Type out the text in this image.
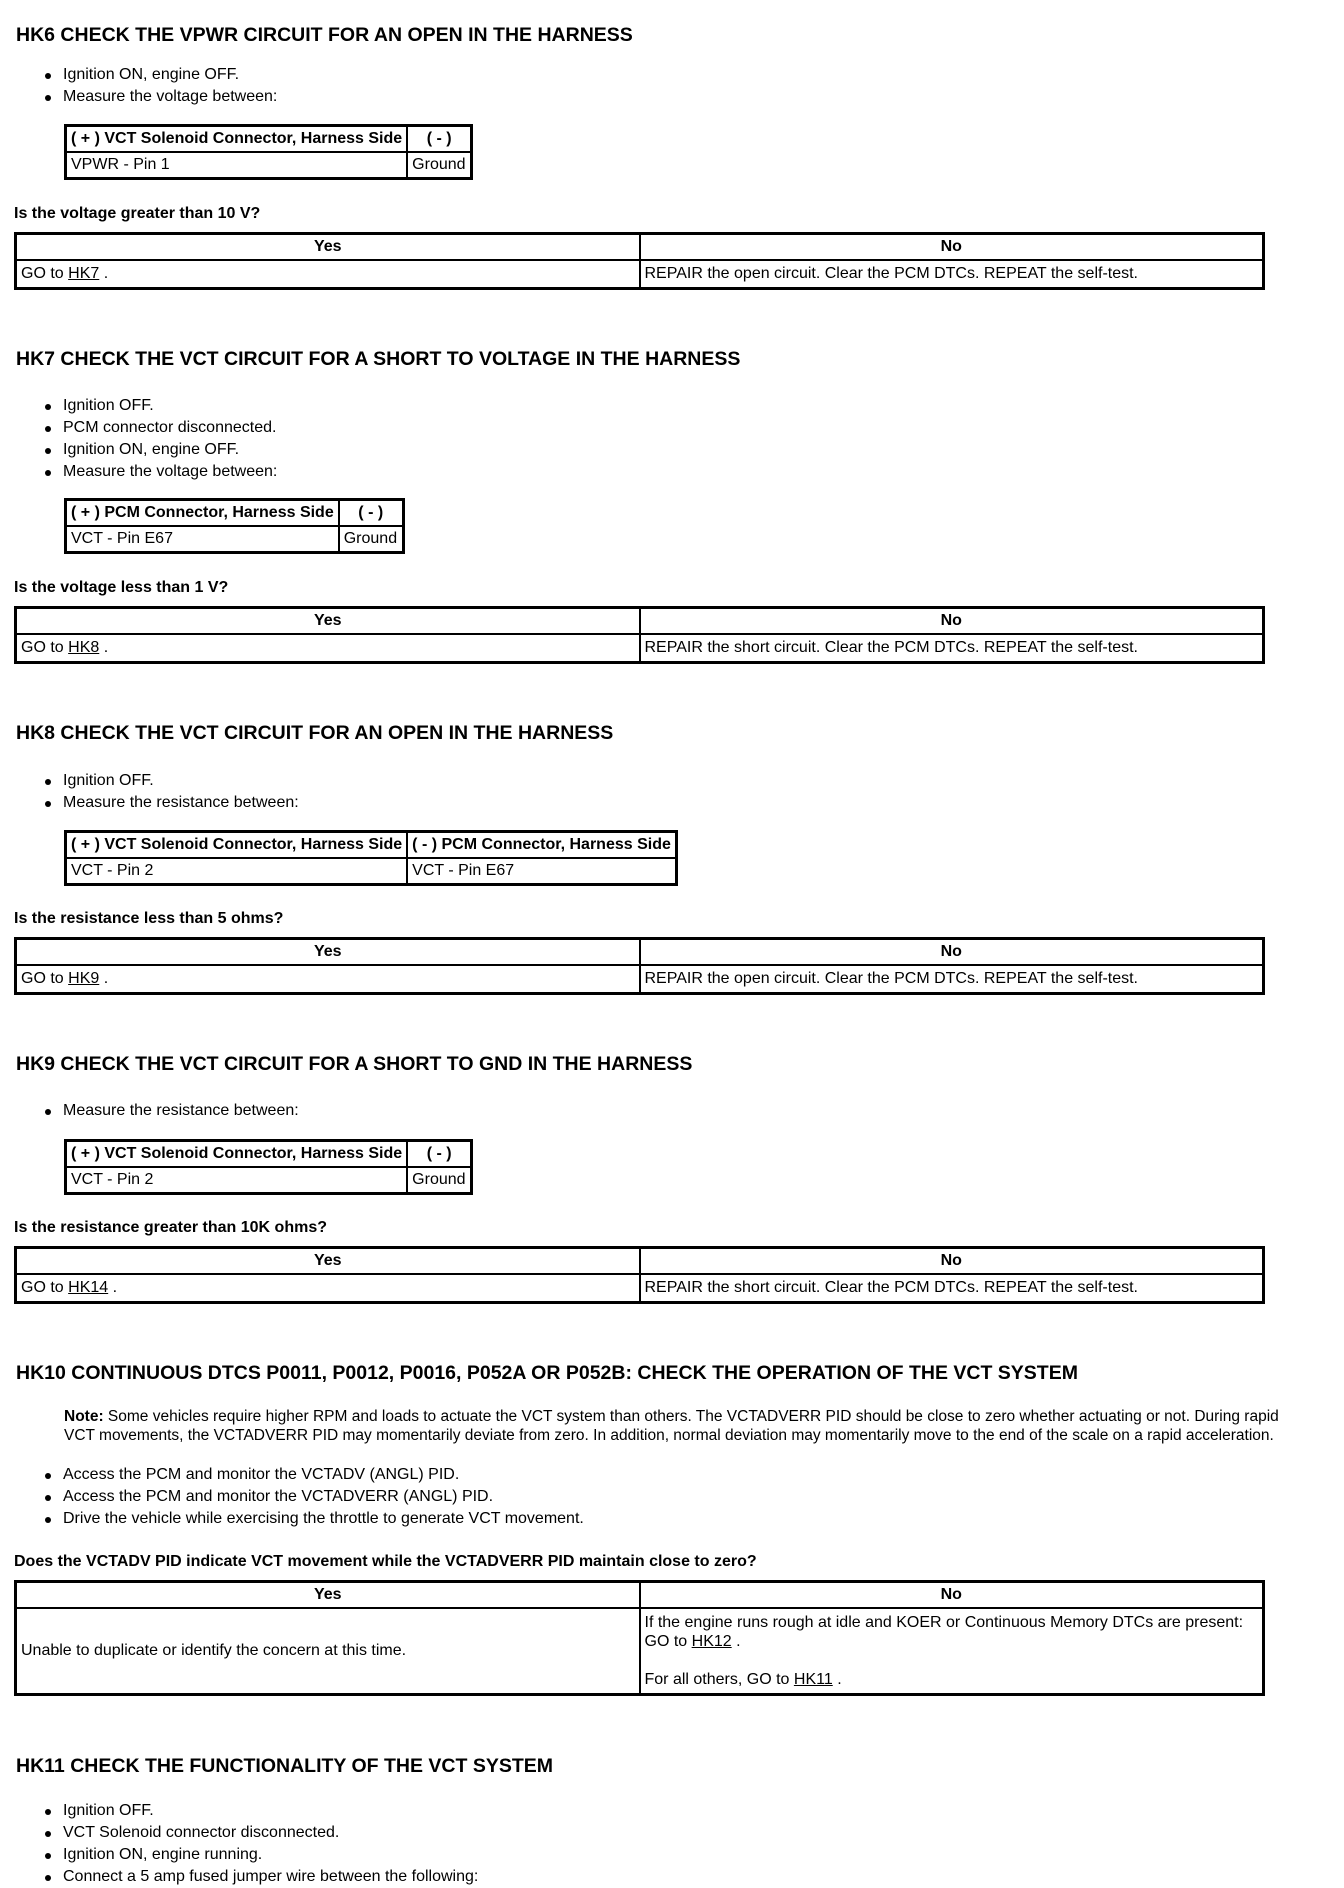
HK6 CHECK THE VPWR CIRCUIT FOR AN OPEN IN THE HARNESS
Ignition ON, engine OFF.
Measure the voltage between:
( + ) VCT Solenoid Connector, Harness Side	( - )
VPWR - Pin 1	Ground

Is the voltage greater than 10 V?

Yes	No
GO to HK7 .	REPAIR the open circuit. Clear the PCM DTCs. REPEAT the self-test.
HK7 CHECK THE VCT CIRCUIT FOR A SHORT TO VOLTAGE IN THE HARNESS
Ignition OFF.
PCM connector disconnected.
Ignition ON, engine OFF.
Measure the voltage between:
( + ) PCM Connector, Harness Side	( - )
VCT - Pin E67	Ground

Is the voltage less than 1 V?

Yes	No
GO to HK8 .	REPAIR the short circuit. Clear the PCM DTCs. REPEAT the self-test.
HK8 CHECK THE VCT CIRCUIT FOR AN OPEN IN THE HARNESS
Ignition OFF.
Measure the resistance between:
( + ) VCT Solenoid Connector, Harness Side	( - ) PCM Connector, Harness Side
VCT - Pin 2	VCT - Pin E67

Is the resistance less than 5 ohms?

Yes	No
GO to HK9 .	REPAIR the open circuit. Clear the PCM DTCs. REPEAT the self-test.
HK9 CHECK THE VCT CIRCUIT FOR A SHORT TO GND IN THE HARNESS
Measure the resistance between:
( + ) VCT Solenoid Connector, Harness Side	( - )
VCT - Pin 2	Ground

Is the resistance greater than 10K ohms?

Yes	No
GO to HK14 .	REPAIR the short circuit. Clear the PCM DTCs. REPEAT the self-test.
HK10 CONTINUOUS DTCS P0011, P0012, P0016, P052A OR P052B: CHECK THE OPERATION OF THE VCT SYSTEM

Note: Some vehicles require higher RPM and loads to actuate the VCT system than others. The VCTADVERR PID should be close to zero whether actuating or not. During rapid
VCT movements, the VCTADVERR PID may momentarily deviate from zero. In addition, normal deviation may momentarily move to the end of the scale on a rapid acceleration.

Access the PCM and monitor the VCTADV (ANGL) PID.
Access the PCM and monitor the VCTADVERR (ANGL) PID.
Drive the vehicle while exercising the throttle to generate VCT movement.

Does the VCTADV PID indicate VCT movement while the VCTADVERR PID maintain close to zero?

Yes	No
Unable to duplicate or identify the concern at this time.	If the engine runs rough at idle and KOER or Continuous Memory DTCs are present:
GO to HK12 .
For all others, GO to HK11 .
HK11 CHECK THE FUNCTIONALITY OF THE VCT SYSTEM
Ignition OFF.
VCT Solenoid connector disconnected.
Ignition ON, engine running.
Connect a 5 amp fused jumper wire between the following:
